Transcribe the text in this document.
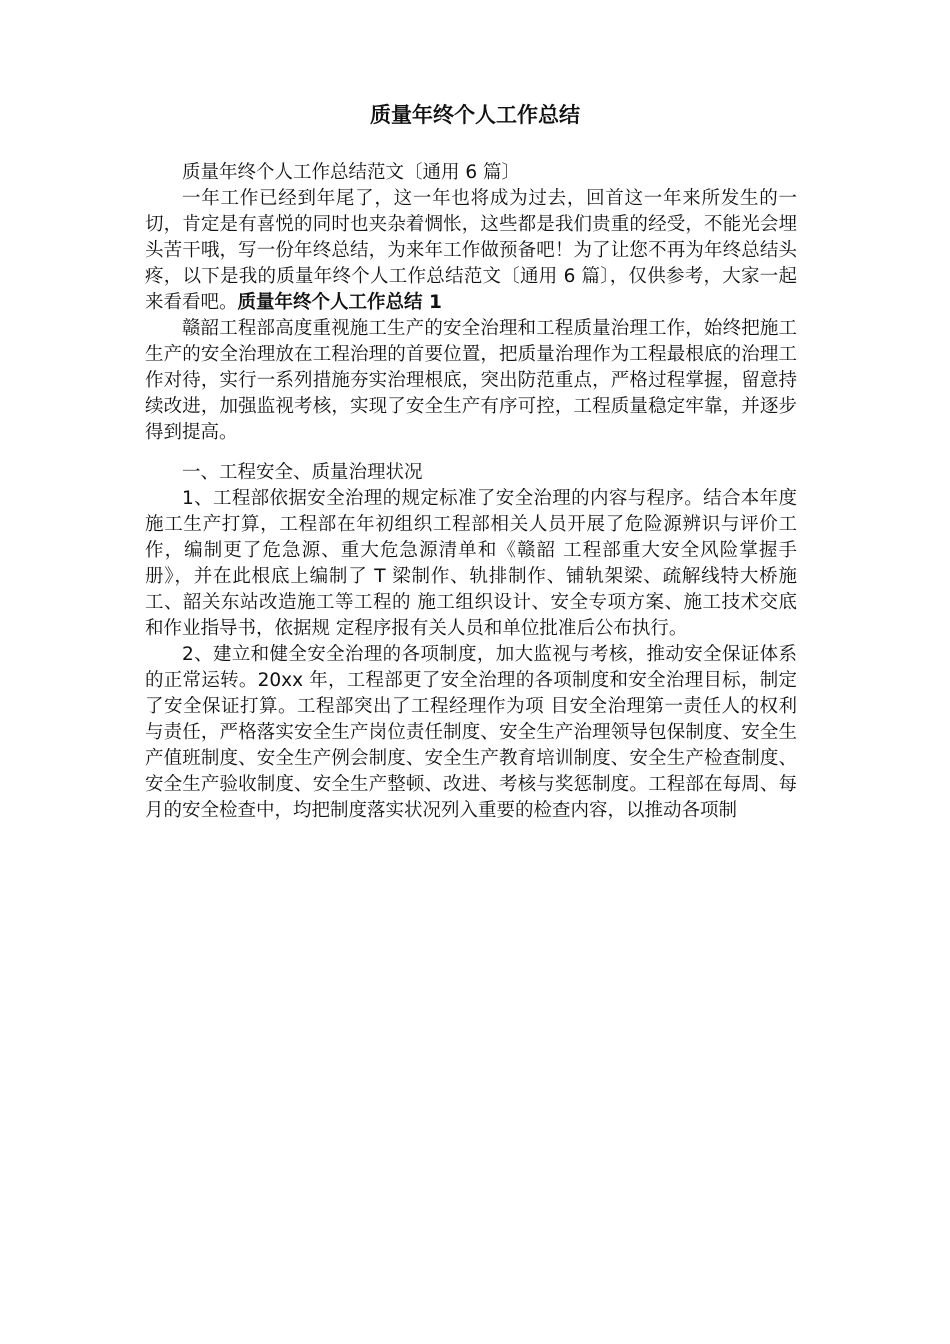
质量年终个人工作总结

质量年终个人工作总结范文〔通用 6 篇〕

一年工作已经到年尾了，这一年也将成为过去，回首这一年来所发生的一切，肯定是有喜悦的同时也夹杂着惆怅，这些都是我们贵重的经受，不能光会埋头苦干哦，写一份年终总结，为来年工作做预备吧！为了让您不再为年终总结头疼，以下是我的质量年终个人工作总结范文〔通用 6 篇〕，仅供参考，大家一起来看看吧。质量年终个人工作总结 1

赣韶工程部高度重视施工生产的安全治理和工程质量治理工作，始终把施工生产的安全治理放在工程治理的首要位置，把质量治理作为工程最根底的治理工作对待，实行一系列措施夯实治理根底，突出防范重点，严格过程掌握，留意持续改进，加强监视考核，实现了安全生产有序可控，工程质量稳定牢靠，并逐步得到提高。

一、工程安全、质量治理状况

1、工程部依据安全治理的规定标准了安全治理的内容与程序。结合本年度施工生产打算，工程部在年初组织工程部相关人员开展了危险源辨识与评价工作，编制更了危急源、重大危急源清单和《赣韶 工程部重大安全风险掌握手册》，并在此根底上编制了 T 梁制作、轨排制作、铺轨架梁、疏解线特大桥施工、韶关东站改造施工等工程的 施工组织设计、安全专项方案、施工技术交底和作业指导书，依据规 定程序报有关人员和单位批准后公布执行。

2、建立和健全安全治理的各项制度，加大监视与考核，推动安全保证体系的正常运转。20xx 年，工程部更了安全治理的各项制度和安全治理目标，制定了安全保证打算。工程部突出了工程经理作为项 目安全治理第一责任人的权利与责任，严格落实安全生产岗位责任制度、安全生产治理领导包保制度、安全生产值班制度、安全生产例会制度、安全生产教育培训制度、安全生产检查制度、安全生产验收制度、安全生产整顿、改进、考核与奖惩制度。工程部在每周、每月的安全检查中，均把制度落实状况列入重要的检查内容，以推动各项制
